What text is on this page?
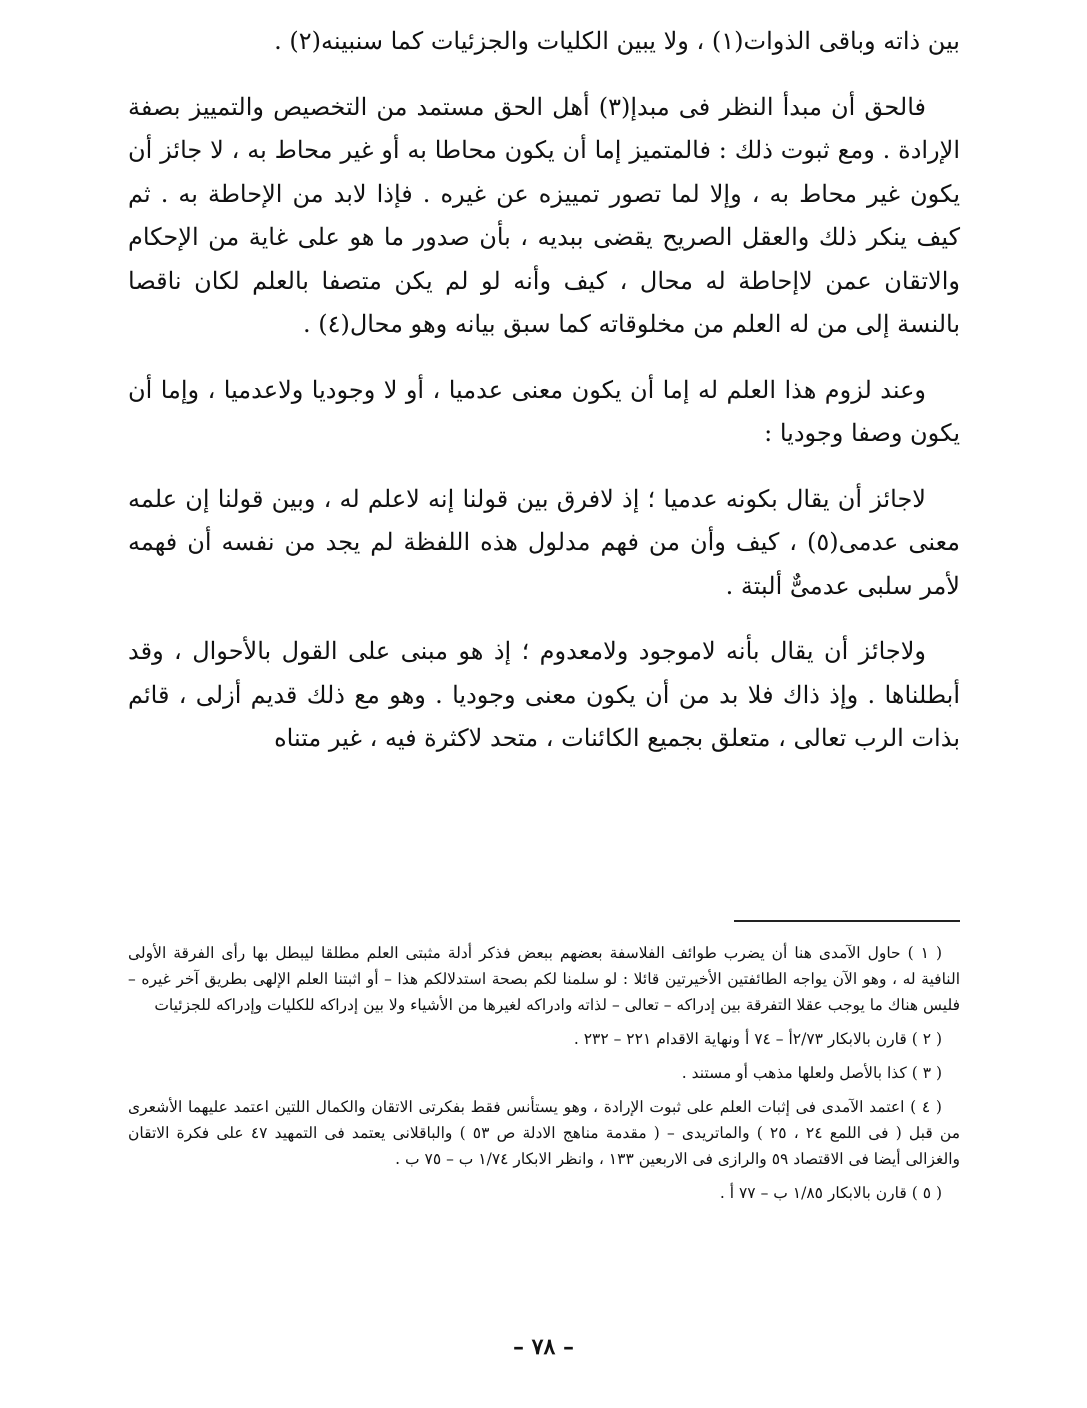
بين ذاته وباقى الذوات(١) ، ولا يبين الكليات والجزئيات كما سنبينه(٢) .

فالحق أن مبدأ النظر فى مبدإ(٣) أهل الحق مستمد من التخصيص والتمييز بصفة الإرادة . ومع ثبوت ذلك : فالمتميز إما أن يكون محاطا به أو غير محاط به ، لا جائز أن يكون غير محاط به ، وإلا لما تصور تمييزه عن غيره . فإذا لابد من الإحاطة به . ثم كيف ينكر ذلك والعقل الصريح يقضى ببديه ، بأن صدور ما هو على غاية من الإحكام والاتقان عمن لاإحاطة له محال ، كيف وأنه لو لم يكن متصفا بالعلم لكان ناقصا بالنسة إلى من له العلم من مخلوقاته كما سبق بيانه وهو محال(٤) .

وعند لزوم هذا العلم له إما أن يكون معنى عدميا ، أو لا وجوديا ولاعدميا ، وإما أن يكون وصفا وجوديا :

لاجائز أن يقال بكونه عدميا ؛ إذ لافرق بين قولنا إنه لاعلم له ، وبين قولنا إن علمه معنى عدمى(٥) ، كيف وأن من فهم مدلول هذه اللفظة لم يجد من نفسه أن فهمه لأمر سلبى عدمىٌّ ألبتة .

ولاجائز أن يقال بأنه لاموجود ولامعدوم ؛ إذ هو مبنى على القول بالأحوال ، وقد أبطلناها . وإذ ذاك فلا بد من أن يكون معنى وجوديا . وهو مع ذلك قديم أزلى ، قائم بذات الرب تعالى ، متعلق بجميع الكائنات ، متحد لاكثرة فيه ، غير متناه

( ١ ) حاول الآمدى هنا أن يضرب طوائف الفلاسفة بعضهم ببعض فذكر أدلة مثبتى العلم مطلقا ليبطل بها رأى الفرقة الأولى النافية له ، وهو الآن يواجه الطائفتين الأخيرتين قائلا : لو سلمنا لكم بصحة استدلالكم هذا – أو اثبتنا العلم الإلهى بطريق آخر غيره – فليس هناك ما يوجب عقلا التفرقة بين إدراكه – تعالى – لذاته وادراكه لغيرها من الأشياء ولا بين إدراكه للكليات وإدراكه للجزئيات

( ٢ ) قارن بالابكار ٢/٧٣أ – ٧٤ أ ونهاية الاقدام ٢٢١ – ٢٣٢ .

( ٣ ) كذا بالأصل ولعلها مذهب أو مستند .

( ٤ ) اعتمد الآمدى فى إثبات العلم على ثبوت الإرادة ، وهو يستأنس فقط بفكرتى الاتقان والكمال اللتين اعتمد عليهما الأشعرى من قبل ( فى اللمع ٢٤ ، ٢٥ ) والماتريدى – ( مقدمة مناهج الادلة ص ٥٣ ) والباقلانى يعتمد فى التمهيد ٤٧ على فكرة الاتقان والغزالى أيضا فى الاقتصاد ٥٩ والرازى فى الاربعين ١٣٣ ، وانظر الابكار ١/٧٤ ب – ٧٥ ب .

( ٥ ) قارن بالابكار ١/٨٥ ب – ٧٧ أ .

– ٧٨ –
